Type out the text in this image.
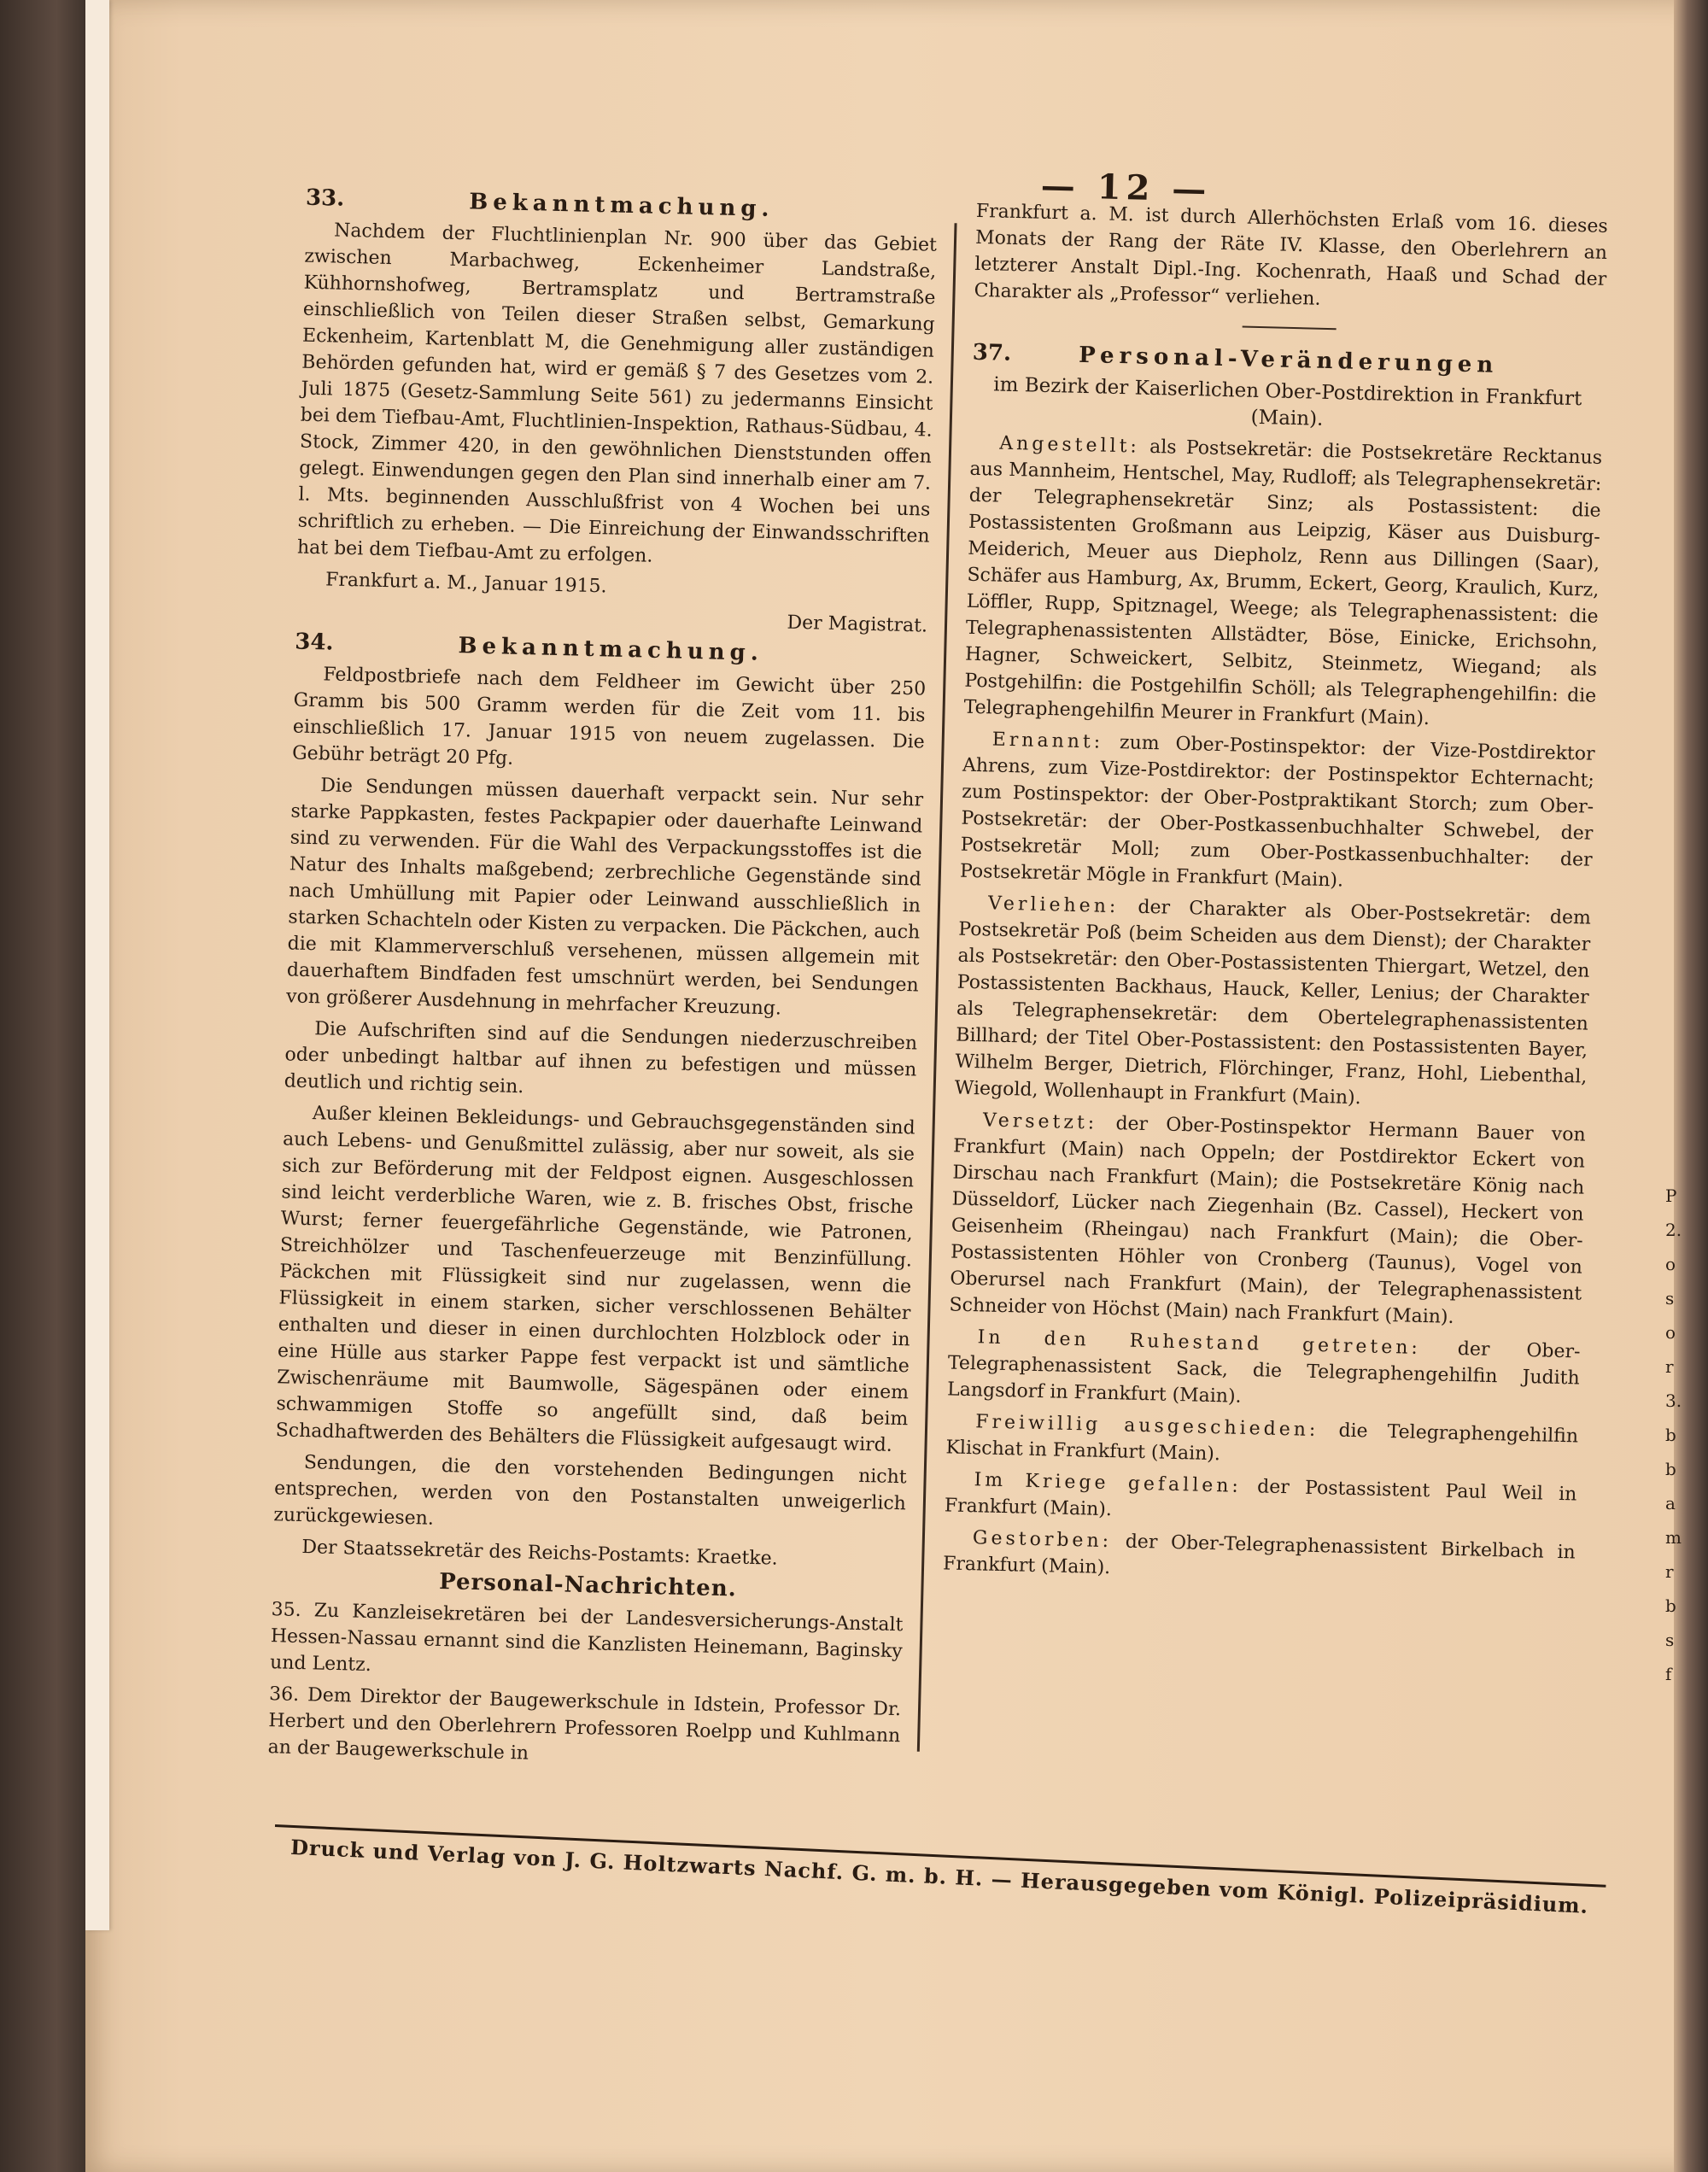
— 12 —
33.	Bekanntmachung.

Nachdem der Fluchtlinienplan Nr. 900 über das Gebiet zwischen Marbachweg, Eckenheimer Landstraße, Kühhornshofweg, Bertramsplatz und Bertramstraße einschließlich von Teilen dieser Straßen selbst, Gemarkung Eckenheim, Kartenblatt M, die Genehmigung aller zuständigen Behörden gefunden hat, wird er gemäß § 7 des Gesetzes vom 2. Juli 1875 (Gesetz-Sammlung Seite 561) zu jedermanns Einsicht bei dem Tiefbau-Amt, Fluchtlinien-Inspektion, Rathaus-Südbau, 4. Stock, Zimmer 420, in den gewöhnlichen Dienststunden offen gelegt. Einwendungen gegen den Plan sind innerhalb einer am 7. l. Mts. beginnenden Ausschlußfrist von 4 Wochen bei uns schriftlich zu erheben. — Die Einreichung der Einwandsschriften hat bei dem Tiefbau-Amt zu erfolgen.

Frankfurt a. M., Januar 1915.

Der Magistrat.

34.	Bekanntmachung.

Feldpostbriefe nach dem Feldheer im Gewicht über 250 Gramm bis 500 Gramm werden für die Zeit vom 11. bis einschließlich 17. Januar 1915 von neuem zugelassen. Die Gebühr beträgt 20 Pfg.

Die Sendungen müssen dauerhaft verpackt sein. Nur sehr starke Pappkasten, festes Packpapier oder dauerhafte Leinwand sind zu verwenden. Für die Wahl des Verpackungsstoffes ist die Natur des Inhalts maßgebend; zerbrechliche Gegenstände sind nach Umhüllung mit Papier oder Leinwand ausschließlich in starken Schachteln oder Kisten zu verpacken. Die Päckchen, auch die mit Klammerverschluß versehenen, müssen allgemein mit dauerhaftem Bindfaden fest umschnürt werden, bei Sendungen von größerer Ausdehnung in mehrfacher Kreuzung.

Die Aufschriften sind auf die Sendungen niederzuschreiben oder unbedingt haltbar auf ihnen zu befestigen und müssen deutlich und richtig sein.

Außer kleinen Bekleidungs- und Gebrauchsgegenständen sind auch Lebens- und Genußmittel zulässig, aber nur soweit, als sie sich zur Beförderung mit der Feldpost eignen. Ausgeschlossen sind leicht verderbliche Waren, wie z. B. frisches Obst, frische Wurst; ferner feuergefährliche Gegenstände, wie Patronen, Streichhölzer und Taschenfeuerzeuge mit Benzinfüllung. Päckchen mit Flüssigkeit sind nur zugelassen, wenn die Flüssigkeit in einem starken, sicher verschlossenen Behälter enthalten und dieser in einen durchlochten Holzblock oder in eine Hülle aus starker Pappe fest verpackt ist und sämtliche Zwischenräume mit Baumwolle, Sägespänen oder einem schwammigen Stoffe so angefüllt sind, daß beim Schadhaftwerden des Behälters die Flüssigkeit aufgesaugt wird.

Sendungen, die den vorstehenden Bedingungen nicht entsprechen, werden von den Postanstalten unweigerlich zurückgewiesen.

Der Staatssekretär des Reichs-Postamts: Kraetke.

Personal-Nachrichten.

35. Zu Kanzleisekretären bei der Landesversicherungs-Anstalt Hessen-Nassau ernannt sind die Kanzlisten Heinemann, Baginsky und Lentz.

36. Dem Direktor der Baugewerkschule in Idstein, Professor Dr. Herbert und den Oberlehrern Professoren Roelpp und Kuhlmann an der Baugewerkschule in

Frankfurt a. M. ist durch Allerhöchsten Erlaß vom 16. dieses Monats der Rang der Räte IV. Klasse, den Oberlehrern an letzterer Anstalt Dipl.-Ing. Kochenrath, Haaß und Schad der Charakter als „Professor“ verliehen.

37.	Personal-Veränderungen

im Bezirk der Kaiserlichen Ober-Postdirektion in Frankfurt (Main).

Angestellt: als Postsekretär: die Postsekretäre Recktanus aus Mannheim, Hentschel, May, Rudloff; als Telegraphensekretär: der Telegraphensekretär Sinz; als Postassistent: die Postassistenten Großmann aus Leipzig, Käser aus Duisburg-Meiderich, Meuer aus Diepholz, Renn aus Dillingen (Saar), Schäfer aus Hamburg, Ax, Brumm, Eckert, Georg, Kraulich, Kurz, Löffler, Rupp, Spitznagel, Weege; als Telegraphenassistent: die Telegraphenassistenten Allstädter, Böse, Einicke, Erichsohn, Hagner, Schweickert, Selbitz, Steinmetz, Wiegand; als Postgehilfin: die Postgehilfin Schöll; als Telegraphengehilfin: die Telegraphengehilfin Meurer in Frankfurt (Main).

Ernannt: zum Ober-Postinspektor: der Vize-Postdirektor Ahrens, zum Vize-Postdirektor: der Postinspektor Echternacht; zum Postinspektor: der Ober-Postpraktikant Storch; zum Ober-Postsekretär: der Ober-Postkassenbuchhalter Schwebel, der Postsekretär Moll; zum Ober-Postkassenbuchhalter: der Postsekretär Mögle in Frankfurt (Main).

Verliehen: der Charakter als Ober-Postsekretär: dem Postsekretär Poß (beim Scheiden aus dem Dienst); der Charakter als Postsekretär: den Ober-Postassistenten Thiergart, Wetzel, den Postassistenten Backhaus, Hauck, Keller, Lenius; der Charakter als Telegraphensekretär: dem Obertelegraphenassistenten Billhard; der Titel Ober-Postassistent: den Postassistenten Bayer, Wilhelm Berger, Dietrich, Flörchinger, Franz, Hohl, Liebenthal, Wiegold, Wollenhaupt in Frankfurt (Main).

Versetzt: der Ober-Postinspektor Hermann Bauer von Frankfurt (Main) nach Oppeln; der Postdirektor Eckert von Dirschau nach Frankfurt (Main); die Postsekretäre König nach Düsseldorf, Lücker nach Ziegenhain (Bz. Cassel), Heckert von Geisenheim (Rheingau) nach Frankfurt (Main); die Ober-Postassistenten Höhler von Cronberg (Taunus), Vogel von Oberursel nach Frankfurt (Main), der Telegraphenassistent Schneider von Höchst (Main) nach Frankfurt (Main).

In den Ruhestand getreten: der Ober-Telegraphenassistent Sack, die Telegraphengehilfin Judith Langsdorf in Frankfurt (Main).

Freiwillig ausgeschieden: die Telegraphengehilfin Klischat in Frankfurt (Main).

Im Kriege gefallen: der Postassistent Paul Weil in Frankfurt (Main).

Gestorben: der Ober-Telegraphenassistent Birkelbach in Frankfurt (Main).

Druck und Verlag von J. G. Holtzwarts Nachf. G. m. b. H. — Herausgegeben vom Königl. Polizeipräsidium.
P
2.
o
s
o
r
3.
b
b
a
m
r
b
s
f
